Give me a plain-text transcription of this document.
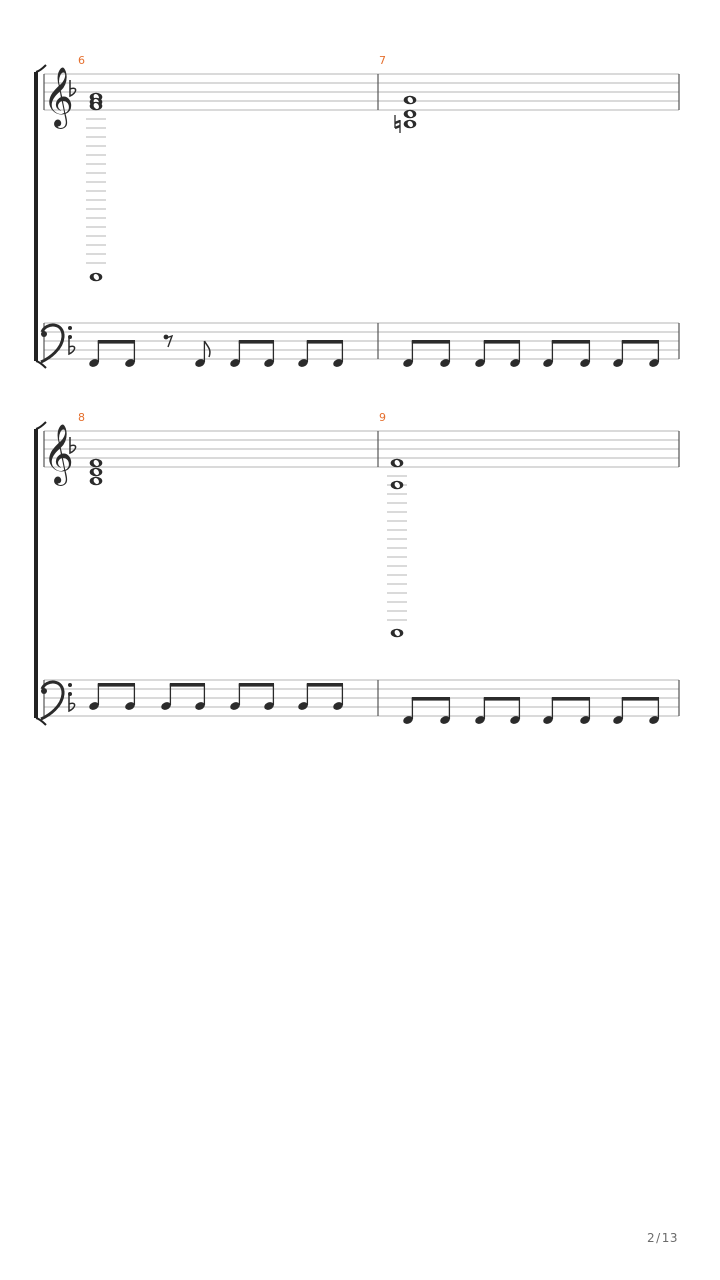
𝄞
6	7
𝄞
8	9
2/13
